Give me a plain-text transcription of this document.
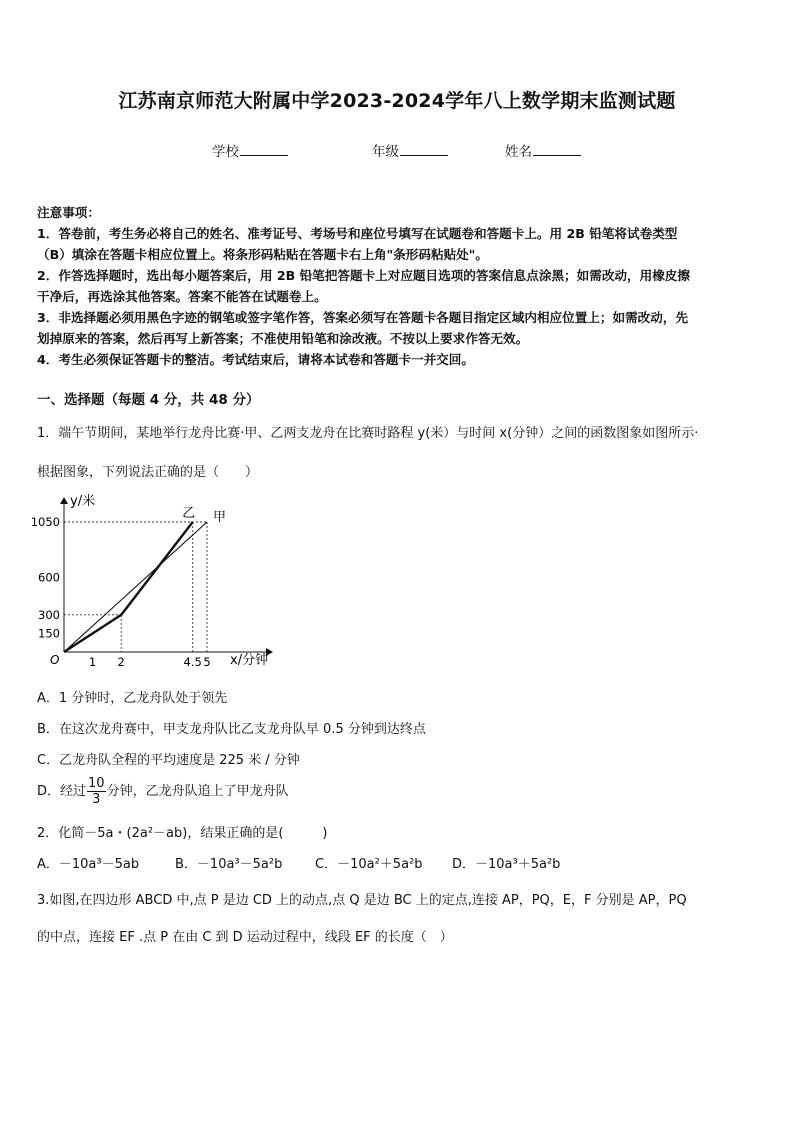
江苏南京师范大附属中学2023-2024学年八上数学期末监测试题
学校	年级	姓名
注意事项：
1．答卷前，考生务必将自己的姓名、准考证号、考场号和座位号填写在试题卷和答题卡上。用 2B 铅笔将试卷类型
（B）填涂在答题卡相应位置上。将条形码粘贴在答题卡右上角"条形码粘贴处"。
2．作答选择题时，选出每小题答案后，用 2B 铅笔把答题卡上对应题目选项的答案信息点涂黑；如需改动，用橡皮擦
干净后，再选涂其他答案。答案不能答在试题卷上。
3．非选择题必须用黑色字迹的钢笔或签字笔作答，答案必须写在答题卡各题目指定区域内相应位置上；如需改动，先
划掉原来的答案，然后再写上新答案；不准使用铅笔和涂改液。不按以上要求作答无效。
4．考生必须保证答题卡的整洁。考试结束后，请将本试卷和答题卡一并交回。
一、选择题（每题 4 分，共 48 分）
1．端午节期间，某地举行龙舟比赛·甲、乙两支龙舟在比赛时路程 y(米）与时间 x(分钟）之间的函数图象如图所示·
根据图象，下列说法正确的是（　　）
y/米
x/分钟
O
150
300
600
1050
1 2	4.5 5
甲
乙
A．1 分钟时，乙龙舟队处于领先
B．在这次龙舟赛中，甲支龙舟队比乙支龙舟队早 0.5 分钟到达终点
C．乙龙舟队全程的平均速度是 225 米 / 分钟
D．经过 $\frac{10}{3}$ 分钟，乙龙舟队追上了甲龙舟队
2．化简－5a・(2a²－ab)，结果正确的是(　　　)
A．－10a³－5ab	B．－10a³－5a²b	C．－10a²＋5a²b D．－10a³＋5a²b
3.如图,在四边形 ABCD 中,点 P 是边 CD 上的动点,点 Q 是边 BC 上的定点,连接 AP，PQ，E，F 分别是 AP，PQ
的中点，连接 EF .点 P 在由 C 到 D 运动过程中，线段 EF 的长度（　）
